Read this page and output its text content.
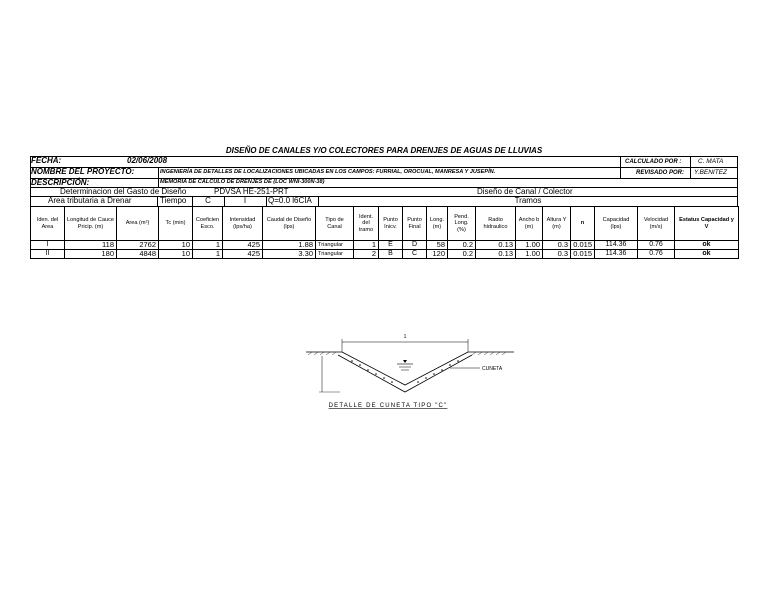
DISEÑO DE CANALES Y/O COLECTORES PARA DRENJES DE AGUAS DE LLUVIAS
FECHA:	02/06/2008	CALCULADO POR :	C. MATA
NOMBRE DEL PROYECTO:	INGENIERÍA DE DETALLES DE LOCALIZACIONES UBICADAS EN LOS CAMPOS: FURRIAL, OROCUAL, MANRESA Y JUSEPÍN.	REVISADO POR: Y.BENITEZ
DESCRIPCIÓN:	MEMORIA DE CALCULO DE DRENJES DE (LOC WNI-300N-38)
Determinacion del Gasto de Diseño	PDVSA HE-251-PRT	Diseño de Canal / Colector
Area tributaria a Drenar	Tiempo	C	I	Q=0.0 l6CIA	Tramos
Iden. del Area	Longitud de Cauce Pricip. (m)	Area (m²)	Tc (min)	Coeficien Esco.	Intensidad (lps/ha)	Caudal de Diseño (lps)	Tipo de Canal	Ident. del tramo	Punto Inicv.	Punto Final	Long. (m)	Pend. Long. (%)	Radio hidraulico	Ancho b (m)	Altura Y (m)	n	Capacidad (lps)	Velocidad (m/s)	Estatus Capacidad y V
I	118	2762	10	1	425	1.88	Triangular	1	E	D	58	0.2	0.13	1.00	0.3	0.015	114.36	0.76	ok
II	180	4848	10	1	425	3.30	Triangular	2	B	C	120	0.2	0.13	1.00	0.3	0.015	114.36	0.76	ok
1
CUNETA
DETALLE DE CUNETA TIPO "C"
